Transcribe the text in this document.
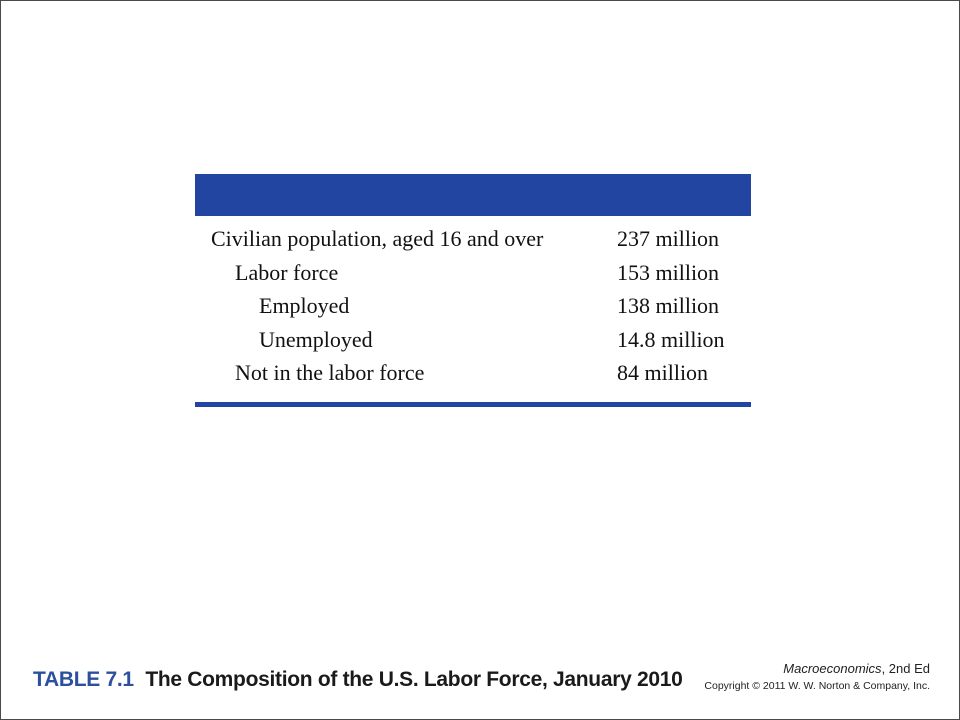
Civilian population, aged 16 and over	237 million
Labor force	153 million
Employed	138 million
Unemployed	14.8 million
Not in the labor force	84 million
TABLE 7.1 The Composition of the U.S. Labor Force, January 2010	Macroeconomics, 2nd Ed
Copyright © 2011 W. W. Norton & Company, Inc.
